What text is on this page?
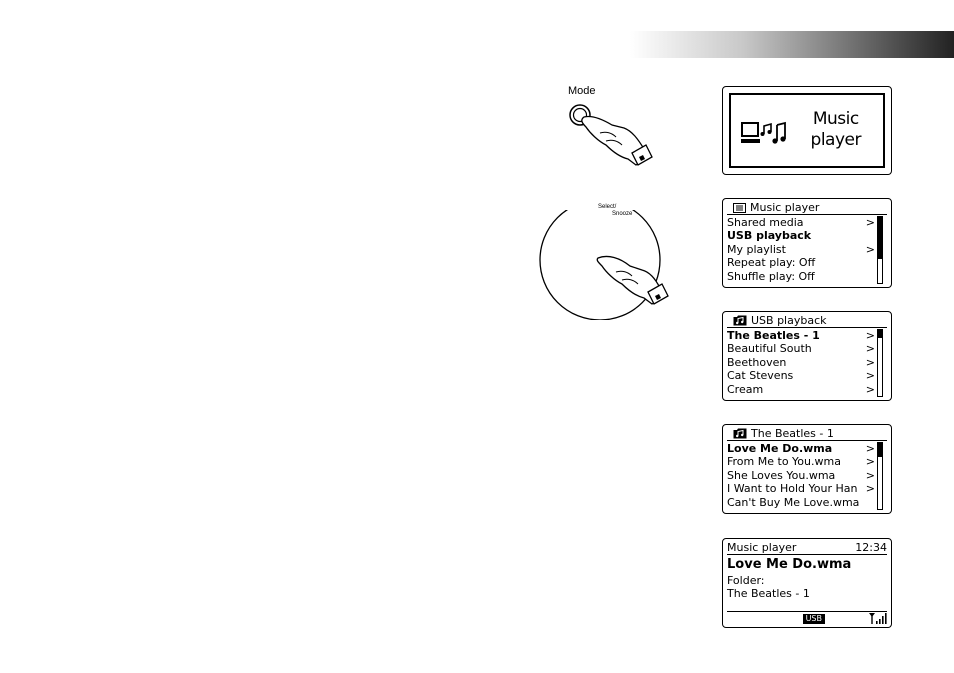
Mode
Select/
Snooze
Music
player
Music player
Shared media	>
USB playback
My playlist	>
Repeat play: Off
Shuffle play: Off
USB playback
The Beatles - 1	>
Beautiful South	>
Beethoven	>
Cat Stevens	>
Cream	>
The Beatles - 1
Love Me Do.wma	>
From Me to You.wma >
She Loves You.wma	>
I Want to Hold Your Han >
Can't Buy Me Love.wma
Music player	12:34
Love Me Do.wma
Folder:
The Beatles - 1
USB
